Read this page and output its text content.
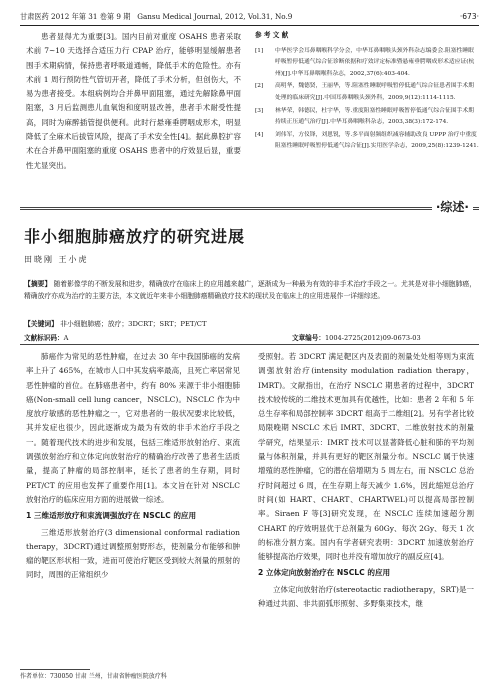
甘肃医药 2012 年第 31 卷第 9 期 Gansu Medical Journal, 2012, Vol.31, No.9	·673·

患者显得尤为重要[3]。国内目前对重度 OSAHS 患者采取术前 7~10 天选择合适压力行 CPAP 治疗，能够明显缓解患者围手术期病情，保持患者呼吸道通畅，降低手术的危险性。亦有术前 1 周行预防性气管切开者，降低了手术分析，但创伤大，不易为患者接受。本组病例均合并鼻甲面阻塞，通过先解除鼻甲面阻塞，3 月后监测患儿血氧饱和度明显改善，患者手术耐受性提高，同时为麻醉插管提供便利。此时行悬雍垂腭咽成形术，明显降低了全麻术后拔管风险，提高了手术安全性[4]。据此鼻腔扩容术在合并鼻甲面阻塞的重度 OSAHS 患者中的疗效显后显，重要性尤显突出。

参 考 文 献
[1] 中华医学会耳鼻咽喉科学分会，中华耳鼻咽喉头颈外科杂志编委会.阻塞性睡眠呼吸暂停低通气综合征诊断依据和疗效评定标准暨悬雍垂腭咽成形术适应证(杭州)[J].中华耳鼻咽喉科杂志，2002,37(6):403-404.
[2] 高明华，魏德贤，王丽华，等.阻塞性睡眠呼吸暂停低通气综合征患者围手术期处理的临床研究[J].中国耳鼻咽喉头颈外科，2009,9(12):1114-1115.
[3] 林华荣，韩德民，杜宇华，等.重度阻塞性睡眠呼吸暂停低通气综合征围手术期持续正压通气治疗[J].中华耳鼻咽喉科杂志，2003,38(3):172-174.
[4] 刘伟军，方仪锋，刘恩锐，等.多平面射频组织减容辅助改良 UPPP 治疗中重度阻塞性睡眠呼吸暂停低通气综合征[J].实用医学杂志，2009,25(8):1239-1241.
·综述·
非小细胞肺癌放疗的研究进展
田晓刚 王小虎
【摘要】 随着影像学的不断发展和进步，精确放疗在临床上的应用越来越广，逐渐成为一种最为有效的非手术治疗手段之一。尤其是对非小细胞肺癌，精确放疗亦成为治疗的主要方法，本文就近年来非小细胞肺癌精确放疗技术的现状及在临床上的应用进展作一详细综述。
【关键词】 非小细胞肺癌；放疗；3DCRT；SRT；PET/CT
文献标识码：A	文章编号：1004-2725(2012)09-0673-03

肺癌作为常见的恶性肿瘤，在过去 30 年中我国肺癌的发病率上升了 465%，在城市人口中其发病率最高，且死亡率居常见恶性肿瘤的首位。在肺癌患者中，约有 80% 来源于非小细胞肺癌(Non-small cell lung cancer，NSCLC)。NSCLC 作为中度放疗敏感的恶性肿瘤之一，它对患者的一般状况要求比较低，其并发症也很少，因此逐渐成为最为有效的非手术治疗手段之一。随着现代技术的进步和发展，包括三维适形放射治疗、束流调强放射治疗和立体定向放射治疗的精确治疗改善了患者生活质量，提高了肿瘤的局部控制率，延长了患者的生存期，同时 PET/CT 的应用也发挥了重要作用[1]。本文旨在针对 NSCLC 放射治疗的临床应用方面的进展做一综述。

1 三维适形放疗和束流调强放疗在 NSCLC 的应用

三维适形放射治疗(3 dimensional conformal radiation therapy，3DCRT)通过调整照射野形态，使剂量分布能够和肿瘤的靶区形状相一致，进而可使治疗靶区受到较大剂量的照射的同时，周围的正常组织少

受照射。若 3DCRT 满足靶区内及表面的剂量处处相等则为束流调强放射治疗(intensity modulation radiation therapy，IMRT)。文献指出，在治疗 NSCLC 期患者的过程中，3DCRT 技术较传统的二维技术更加具有优越性，比如：患者 2 年和 5 年总生存率和局部控制率 3DCRT 组高于二维组[2]。另有学者比较局限晚期 NSCLC 术后 IMRT、3DCRT、二维放射技术的剂量学研究，结果显示：IMRT 技术可以显著降低心脏和肺的平均剂量与体积剂量，并具有更好的靶区剂量分布。NSCLC 属于快速增殖的恶性肿瘤，它的潜在倍增期为 5 周左右，而 NSCLC 总治疗时间超过 6 周，在生存期上每天减少 1.6%，因此缩短总治疗时间(如 HART、CHART、CHARTWEL)可以提高局部控制率。Siraen F 等[3]研究发现，在 NSCLC 连续加速超分割 CHART 的疗效明显优于总剂量为 60Gy、每次 2Gy、每天 1 次的标准分割方案。国内有学者研究表明：3DCRT 加速放射治疗能够提高治疗效果，同时也并没有增加放疗的副反应[4]。

2 立体定向放射治疗在 NSCLC 的应用

立体定向放射治疗(stereotactic radiotherapy，SRT)是一种通过共面、非共面弧形照射、多野集束技术，继

作者单位：730050 甘肃 兰州，甘肃省肿瘤医院放疗科
